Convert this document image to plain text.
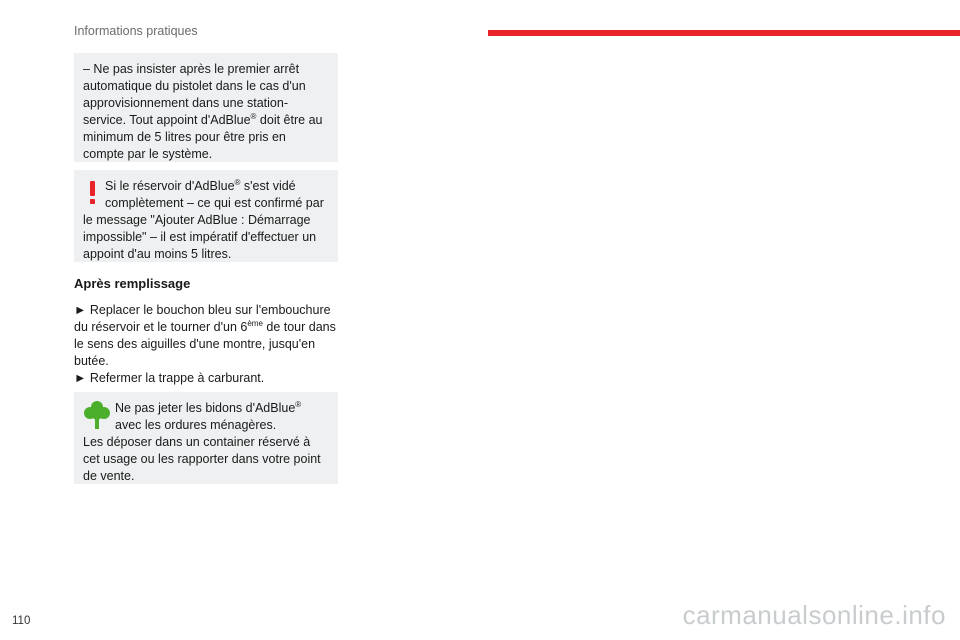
Informations pratiques

– Ne pas insister après le premier arrêt automatique du pistolet dans le cas d'un approvisionnement dans une station-service. Tout appoint d'AdBlue® doit être au minimum de 5 litres pour être pris en compte par le système.

Si le réservoir d'AdBlue® s'est vidé complètement – ce qui est confirmé par le message "Ajouter AdBlue : Démarrage impossible" – il est impératif d'effectuer un appoint d'au moins 5 litres.

Après remplissage

► Replacer le bouchon bleu sur l'embouchure du réservoir et le tourner d'un 6ème de tour dans le sens des aiguilles d'une montre, jusqu'en butée.

► Refermer la trappe à carburant.

Ne pas jeter les bidons d'AdBlue® avec les ordures ménagères.

Les déposer dans un container réservé à cet usage ou les rapporter dans votre point de vente.

110	carmanualsonline.info
